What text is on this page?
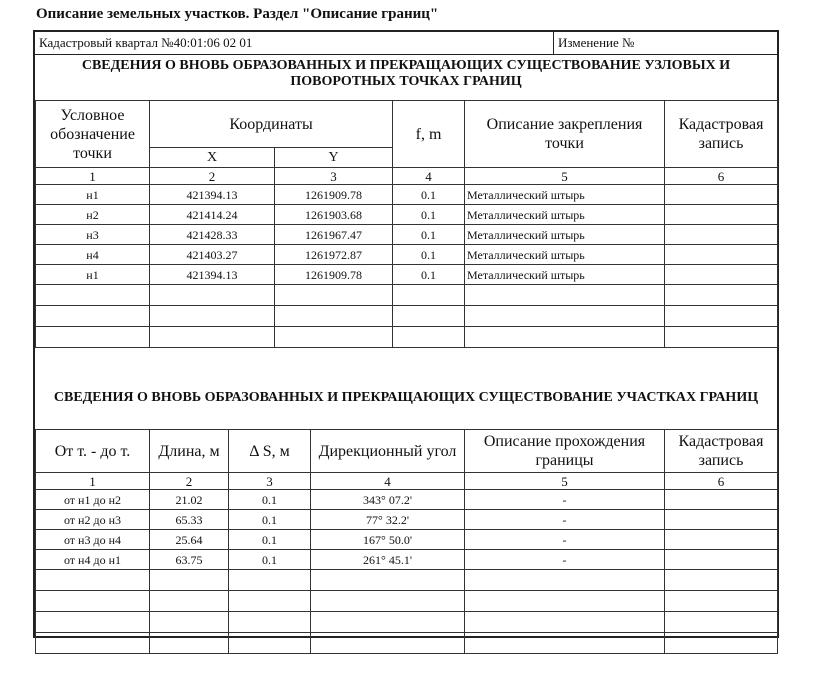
Описание земельных участков. Раздел "Описание границ"
Кадастровый квартал №40:01:06 02 01	Изменение №
СВЕДЕНИЯ О ВНОВЬ ОБРАЗОВАННЫХ И ПРЕКРАЩАЮЩИХ СУЩЕСТВОВАНИЕ УЗЛОВЫХ И ПОВОРОТНЫХ ТОЧКАХ ГРАНИЦ
Условное обозначение точки	Координаты		f, m	Описание закрепления точки	Кадастровая запись
	X	Y			
1	2	3	4	5	6
н1	421394.13	1261909.78	0.1	Металлический штырь	
н2	421414.24	1261903.68	0.1	Металлический штырь	
н3	421428.33	1261967.47	0.1	Металлический штырь	
н4	421403.27	1261972.87	0.1	Металлический штырь	
н1	421394.13	1261909.78	0.1	Металлический штырь	

СВЕДЕНИЯ О ВНОВЬ ОБРАЗОВАННЫХ И ПРЕКРАЩАЮЩИХ СУЩЕСТВОВАНИЕ УЧАСТКАХ ГРАНИЦ
От т. - до т.	Длина, м	Δ S, м	Дирекционный угол	Описание прохождения границы	Кадастровая запись
1	2	3	4	5	6
от н1 до н2	21.02	0.1	343° 07.2'	-	
от н2 до н3	65.33	0.1	77° 32.2'	-	
от н3 до н4	25.64	0.1	167° 50.0'	-	
от н4 до н1	63.75	0.1	261° 45.1'	-	
